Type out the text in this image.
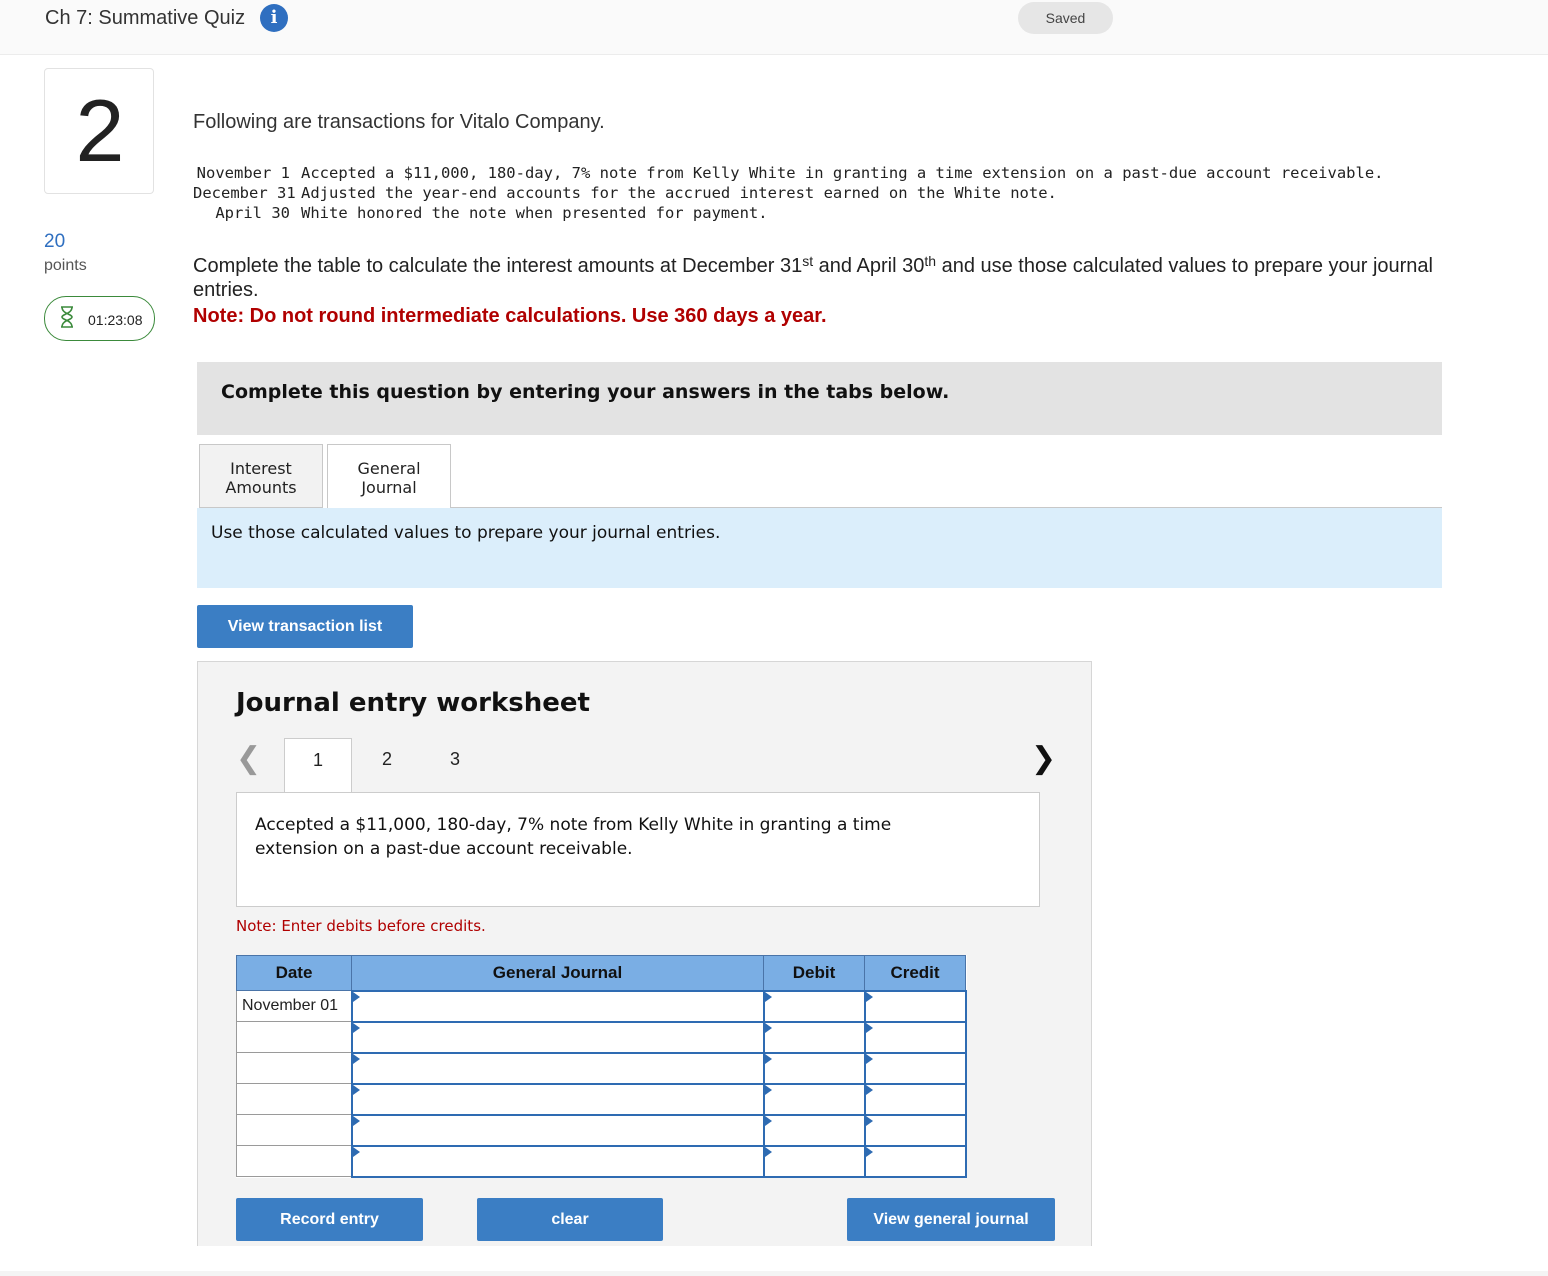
Ch 7: Summative Quiz	i	Saved
2
20
points
01:23:08
Following are transactions for Vitalo Company.
November 1 Accepted a $11,000, 180-day, 7% note from Kelly White in granting a time extension on a past-due account receivable.
December 31 Adjusted the year-end accounts for the accrued interest earned on the White note.
April 30 White honored the note when presented for payment.
Complete the table to calculate the interest amounts at December 31st and April 30th and use those calculated values to prepare your journal entries.
Note: Do not round intermediate calculations. Use 360 days a year.
Complete this question by entering your answers in the tabs below.
Interest
Amounts
General
Journal
Use those calculated values to prepare your journal entries.
View transaction list
Journal entry worksheet
❮	1	2	3	❯
Accepted a $11,000, 180-day, 7% note from Kelly White in granting a time extension on a past-due account receivable.
Note: Enter debits before credits.
Date	General Journal	Debit	Credit
November 01			

Record entry	clear	View general journal
